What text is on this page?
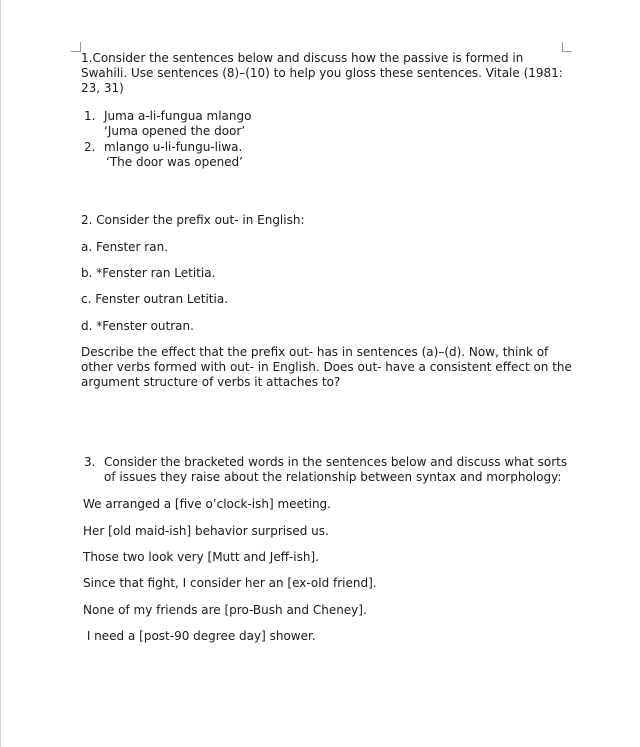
1.Consider the sentences below and discuss how the passive is formed in
Swahili. Use sentences (8)–(10) to help you gloss these sentences. Vitale (1981:
23, 31)
1. Juma a-li-fungua mlango
‘Juma opened the door’
2. mlango u-li-fungu-liwa.
‘The door was opened’
2. Consider the prefix out- in English:
a. Fenster ran.
b. *Fenster ran Letitia.
c. Fenster outran Letitia.
d. *Fenster outran.
Describe the effect that the prefix out- has in sentences (a)–(d). Now, think of
other verbs formed with out- in English. Does out- have a consistent effect on the
argument structure of verbs it attaches to?
3. Consider the bracketed words in the sentences below and discuss what sorts
of issues they raise about the relationship between syntax and morphology:
We arranged a [five o’clock-ish] meeting.
Her [old maid-ish] behavior surprised us.
Those two look very [Mutt and Jeff-ish].
Since that fight, I consider her an [ex-old friend].
None of my friends are [pro-Bush and Cheney].
I need a [post-90 degree day] shower.
